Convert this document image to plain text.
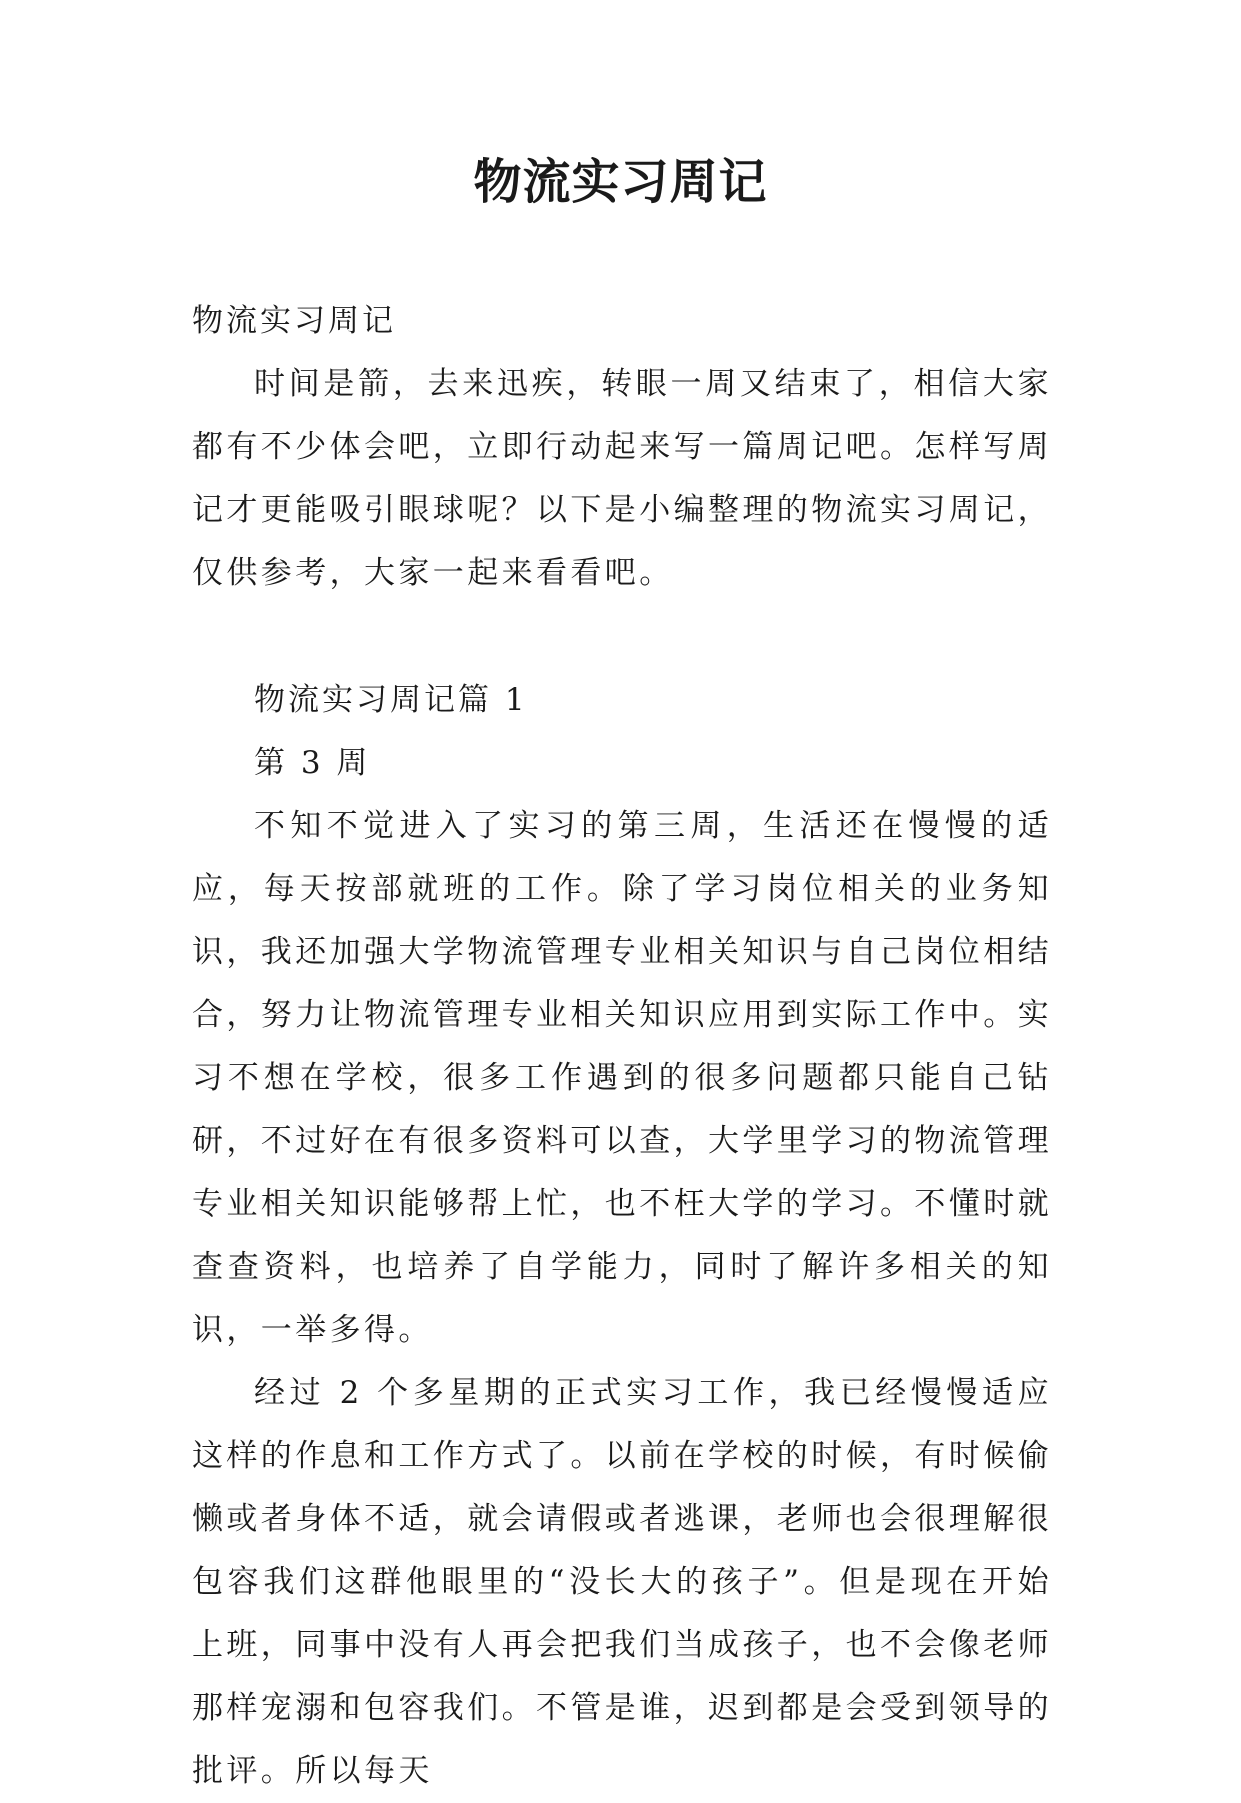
物流实习周记

物流实习周记

时间是箭，去来迅疾，转眼一周又结束了，相信大家都有不少体会吧，立即行动起来写一篇周记吧。怎样写周记才更能吸引眼球呢？以下是小编整理的物流实习周记，仅供参考，大家一起来看看吧。

物流实习周记篇 1

第 3 周

不知不觉进入了实习的第三周，生活还在慢慢的适应，每天按部就班的工作。除了学习岗位相关的业务知识，我还加强大学物流管理专业相关知识与自己岗位相结合，努力让物流管理专业相关知识应用到实际工作中。实习不想在学校，很多工作遇到的很多问题都只能自己钻研，不过好在有很多资料可以查，大学里学习的物流管理专业相关知识能够帮上忙，也不枉大学的学习。不懂时就查查资料，也培养了自学能力，同时了解许多相关的知识，一举多得。

经过 2 个多星期的正式实习工作，我已经慢慢适应这样的作息和工作方式了。以前在学校的时候，有时候偷懒或者身体不适，就会请假或者逃课，老师也会很理解很包容我们这群他眼里的“没长大的孩子”。但是现在开始上班，同事中没有人再会把我们当成孩子，也不会像老师那样宠溺和包容我们。不管是谁，迟到都是会受到领导的批评。所以每天
